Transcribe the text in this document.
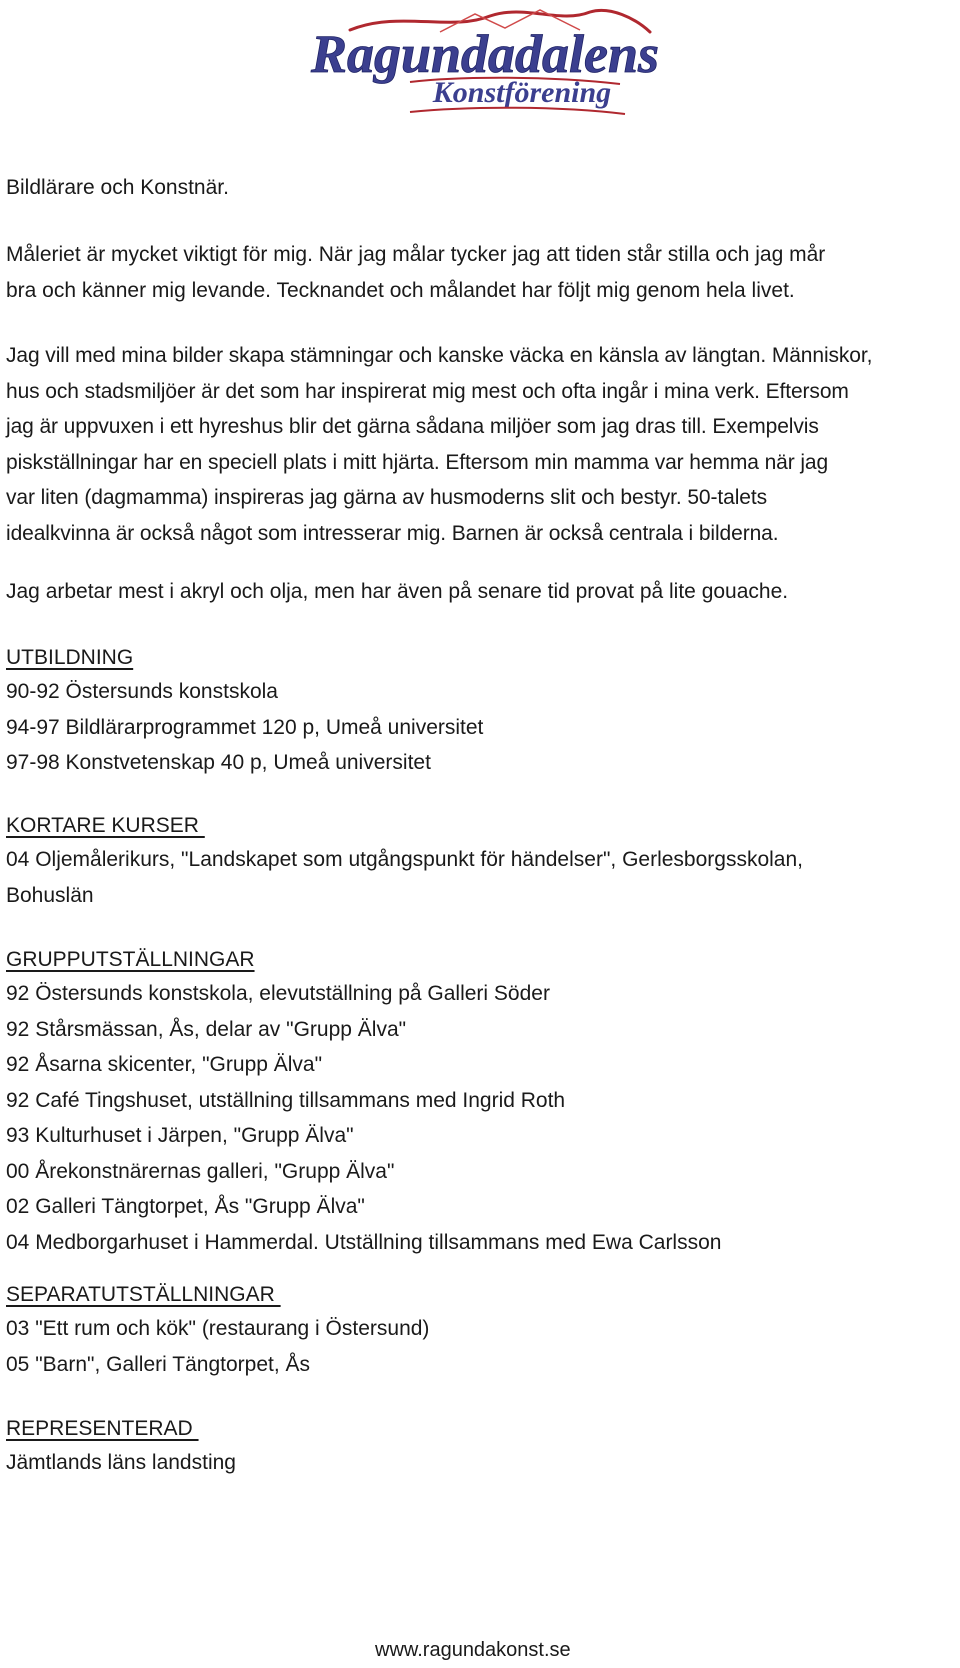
Ragundadalens
Konstförening

Bildlärare och Konstnär.

Måleriet är mycket viktigt för mig. När jag målar tycker jag att tiden står stilla och jag mår
bra och känner mig levande. Tecknandet och målandet har följt mig genom hela livet.

Jag vill med mina bilder skapa stämningar och kanske väcka en känsla av längtan. Människor,
hus och stadsmiljöer är det som har inspirerat mig mest och ofta ingår i mina verk. Eftersom
jag är uppvuxen i ett hyreshus blir det gärna sådana miljöer som jag dras till. Exempelvis
piskställningar har en speciell plats i mitt hjärta. Eftersom min mamma var hemma när jag
var liten (dagmamma) inspireras jag gärna av husmoderns slit och bestyr. 50-talets
idealkvinna är också något som intresserar mig. Barnen är också centrala i bilderna.

Jag arbetar mest i akryl och olja, men har även på senare tid provat på lite gouache.

UTBILDNING

90-92 Östersunds konstskola
94-97 Bildlärarprogrammet 120 p, Umeå universitet
97-98 Konstvetenskap 40 p, Umeå universitet

KORTARE KURSER

04 Oljemålerikurs, "Landskapet som utgångspunkt för händelser", Gerlesborgsskolan,
Bohuslän

GRUPPUTSTÄLLNINGAR

92 Östersunds konstskola, elevutställning på Galleri Söder
92 Stårsmässan, Ås, delar av "Grupp Älva"
92 Åsarna skicenter, "Grupp Älva"
92 Café Tingshuset, utställning tillsammans med Ingrid Roth
93 Kulturhuset i Järpen, "Grupp Älva"
00 Årekonstnärernas galleri, "Grupp Älva"
02 Galleri Tängtorpet, Ås "Grupp Älva"
04 Medborgarhuset i Hammerdal. Utställning tillsammans med Ewa Carlsson

SEPARATUTSTÄLLNINGAR

03 "Ett rum och kök" (restaurang i Östersund)
05 "Barn", Galleri Tängtorpet, Ås

REPRESENTERAD

Jämtlands läns landsting
www.ragundakonst.se
